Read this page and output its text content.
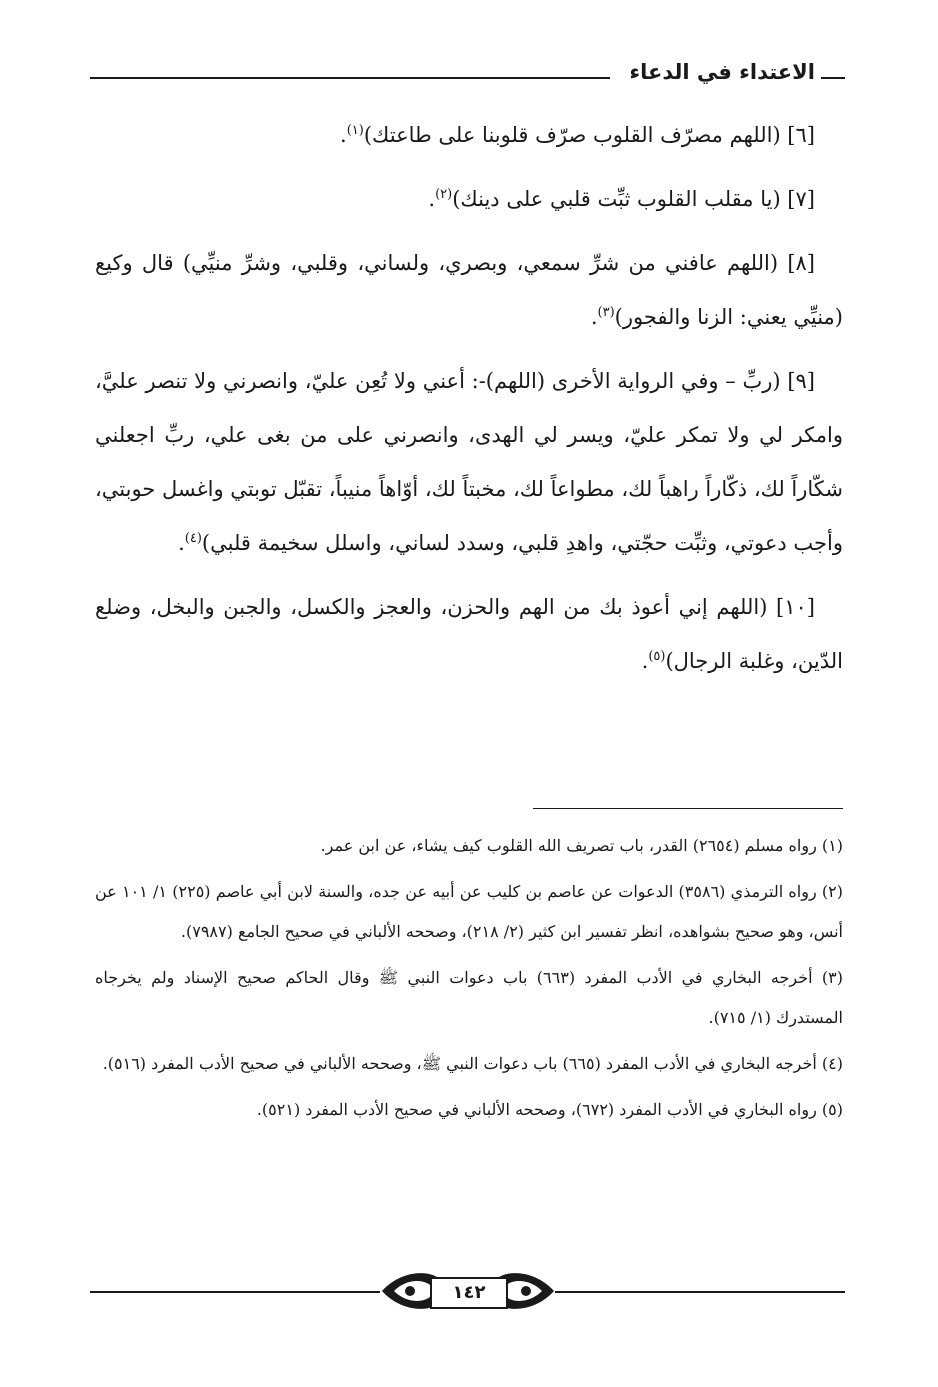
الاعتداء في الدعاء

[٦] (اللهم مصرّف القلوب صرّف قلوبنا على طاعتك)$^{(١)}$.

[٧] (يا مقلب القلوب ثبِّت قلبي على دينك)$^{(٢)}$.

[٨] (اللهم عافني من شرِّ سمعي، وبصري، ولساني، وقلبي، وشرِّ منيِّي) قال وكيع (منيِّي يعني: الزنا والفجور)$^{(٣)}$.

[٩] (ربِّ – وفي الرواية الأخرى (اللهم)-: أعني ولا تُعِن عليّ، وانصرني ولا تنصر عليَّ، وامكر لي ولا تمكر عليّ، ويسر لي الهدى، وانصرني على من بغى علي، ربِّ اجعلني شكّاراً لك، ذكّاراً راهباً لك، مطواعاً لك، مخبتاً لك، أوّاهاً منيباً، تقبّل توبتي واغسل حوبتي، وأجب دعوتي، وثبِّت حجّتي، واهدِ قلبي، وسدد لساني، واسلل سخيمة قلبي)$^{(٤)}$.

[١٠] (اللهم إني أعوذ بك من الهم والحزن، والعجز والكسل، والجبن والبخل، وضلع الدّين، وغلبة الرجال)$^{(٥)}$.

(١) رواه مسلم (٢٦٥٤) القدر، باب تصريف الله القلوب كيف يشاء، عن ابن عمر.

(٢) رواه الترمذي (٣٥٨٦) الدعوات عن عاصم بن كليب عن أبيه عن جده، والسنة لابن أبي عاصم (٢٢٥) ١/ ١٠١ عن أنس، وهو صحيح بشواهده، انظر تفسير ابن كثير (٢/ ٢١٨)، وصححه الألباني في صحيح الجامع (٧٩٨٧).

(٣) أخرجه البخاري في الأدب المفرد (٦٦٣) باب دعوات النبي ﷺ وقال الحاكم صحيح الإسناد ولم يخرجاه المستدرك (١/ ٧١٥).

(٤) أخرجه البخاري في الأدب المفرد (٦٦٥) باب دعوات النبي ﷺ، وصححه الألباني في صحيح الأدب المفرد (٥١٦).

(٥) رواه البخاري في الأدب المفرد (٦٧٢)، وصححه الألباني في صحيح الأدب المفرد (٥٢١).

١٤٢
